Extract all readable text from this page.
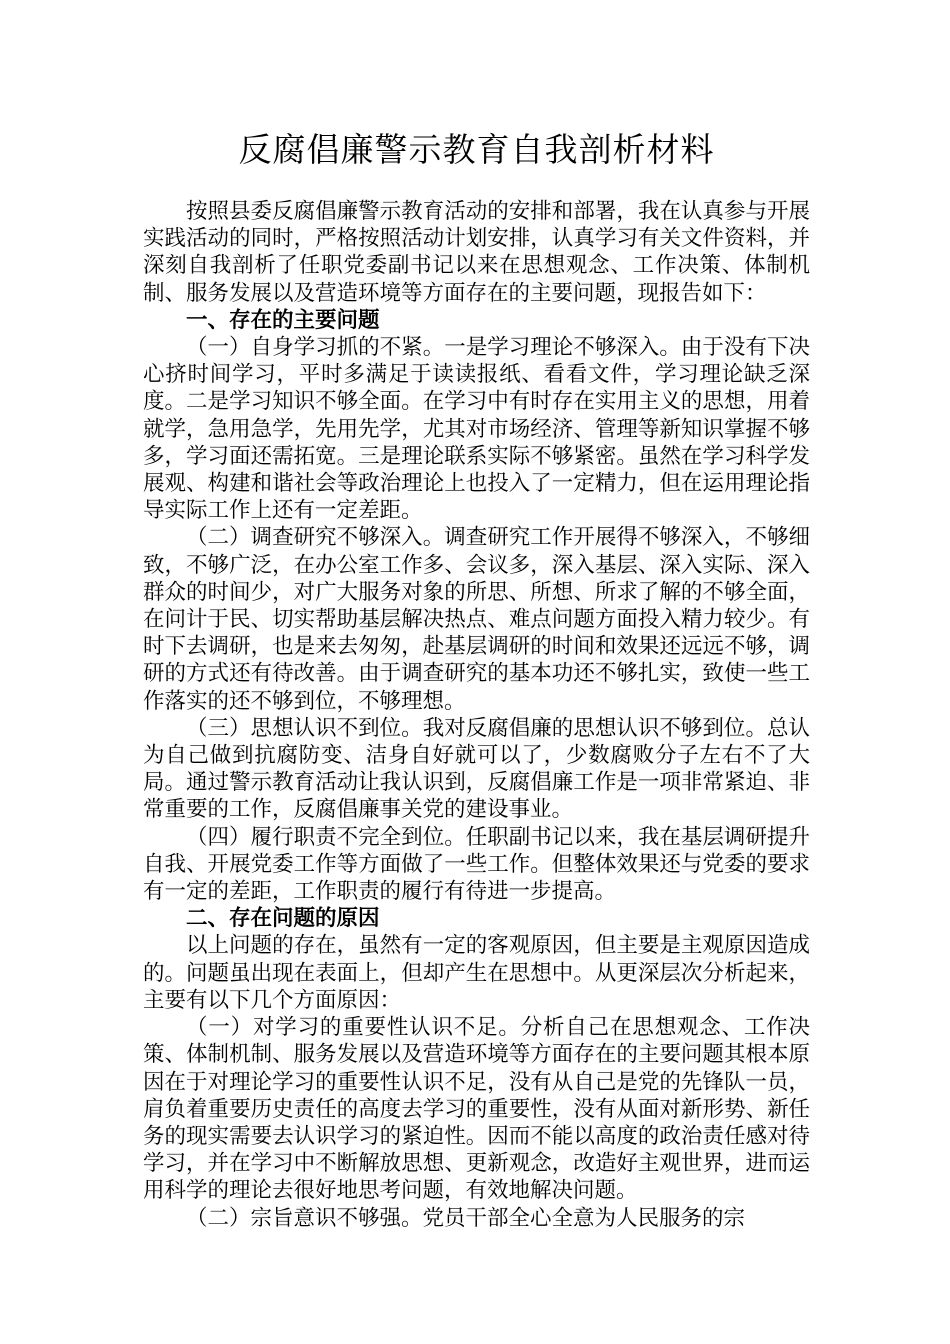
反腐倡廉警示教育自我剖析材料

按照县委反腐倡廉警示教育活动的安排和部署，我在认真参与开展实践活动的同时，严格按照活动计划安排，认真学习有关文件资料，并深刻自我剖析了任职党委副书记以来在思想观念、工作决策、体制机制、服务发展以及营造环境等方面存在的主要问题，现报告如下：

一、存在的主要问题

（一）自身学习抓的不紧。一是学习理论不够深入。由于没有下决心挤时间学习，平时多满足于读读报纸、看看文件，学习理论缺乏深度。二是学习知识不够全面。在学习中有时存在实用主义的思想，用着就学，急用急学，先用先学，尤其对市场经济、管理等新知识掌握不够多，学习面还需拓宽。三是理论联系实际不够紧密。虽然在学习科学发展观、构建和谐社会等政治理论上也投入了一定精力，但在运用理论指导实际工作上还有一定差距。

（二）调查研究不够深入。调查研究工作开展得不够深入，不够细致，不够广泛，在办公室工作多、会议多，深入基层、深入实际、深入群众的时间少，对广大服务对象的所思、所想、所求了解的不够全面，在问计于民、切实帮助基层解决热点、难点问题方面投入精力较少。有时下去调研，也是来去匆匆，赴基层调研的时间和效果还远远不够，调研的方式还有待改善。由于调查研究的基本功还不够扎实，致使一些工作落实的还不够到位，不够理想。

（三）思想认识不到位。我对反腐倡廉的思想认识不够到位。总认为自己做到抗腐防变、洁身自好就可以了，少数腐败分子左右不了大局。通过警示教育活动让我认识到，反腐倡廉工作是一项非常紧迫、非常重要的工作，反腐倡廉事关党的建设事业。

（四）履行职责不完全到位。任职副书记以来，我在基层调研提升自我、开展党委工作等方面做了一些工作。但整体效果还与党委的要求有一定的差距，工作职责的履行有待进一步提高。

二、存在问题的原因

以上问题的存在，虽然有一定的客观原因，但主要是主观原因造成的。问题虽出现在表面上，但却产生在思想中。从更深层次分析起来，主要有以下几个方面原因：

（一）对学习的重要性认识不足。分析自己在思想观念、工作决策、体制机制、服务发展以及营造环境等方面存在的主要问题其根本原因在于对理论学习的重要性认识不足，没有从自己是党的先锋队一员，肩负着重要历史责任的高度去学习的重要性，没有从面对新形势、新任务的现实需要去认识学习的紧迫性。因而不能以高度的政治责任感对待学习，并在学习中不断解放思想、更新观念，改造好主观世界，进而运用科学的理论去很好地思考问题，有效地解决问题。

（二）宗旨意识不够强。党员干部全心全意为人民服务的宗
